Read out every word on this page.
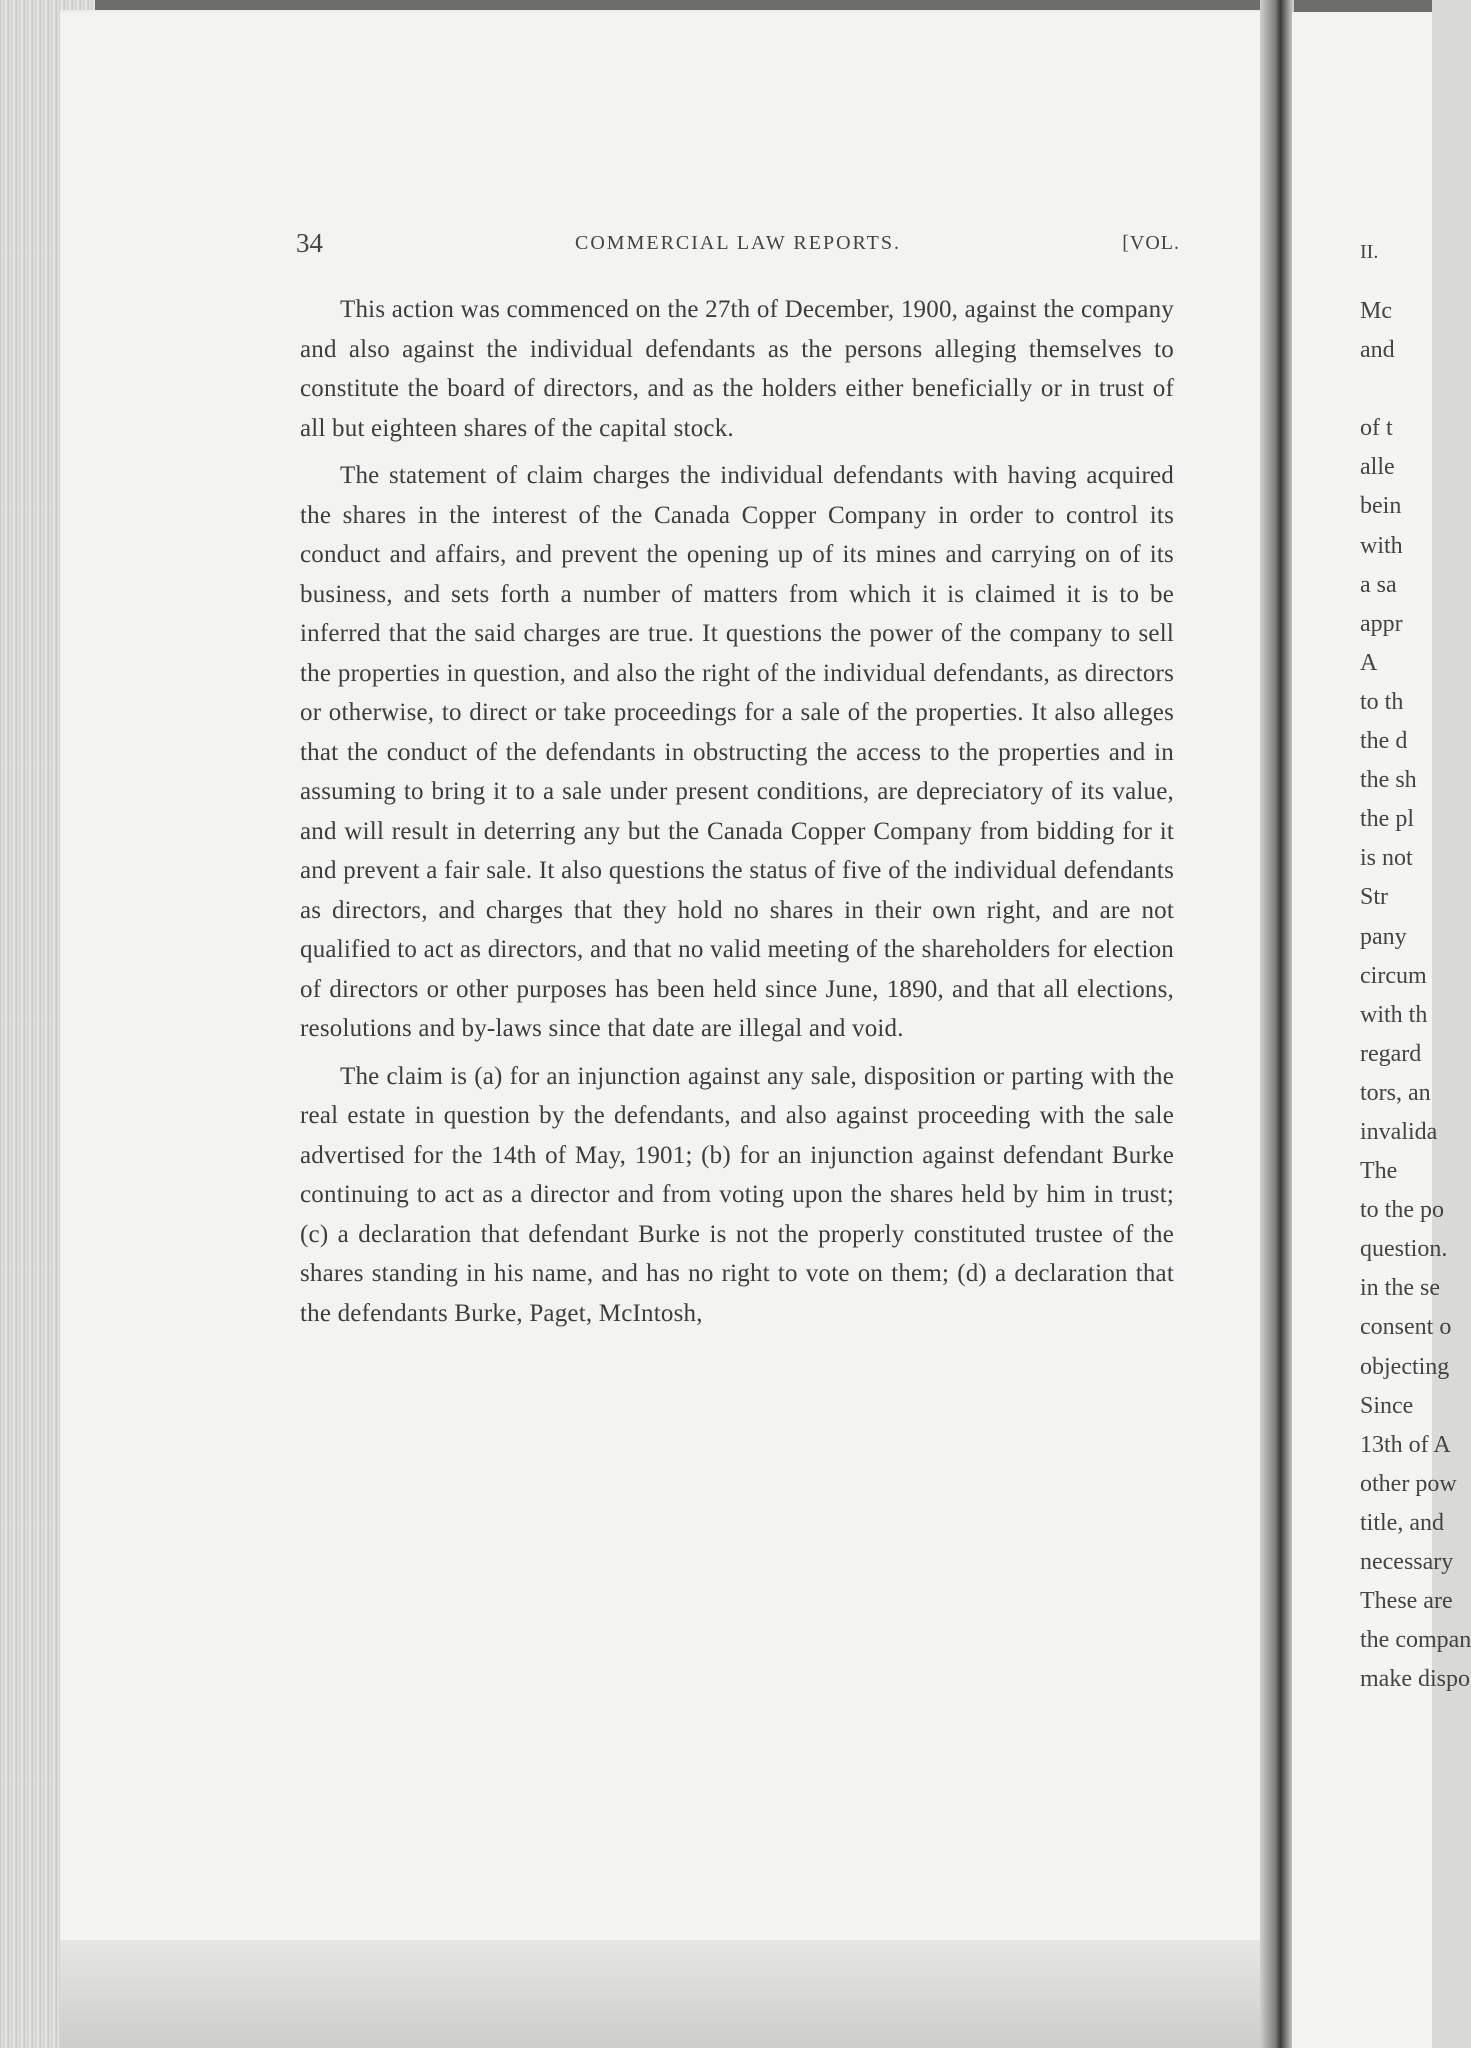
34	COMMERCIAL LAW REPORTS.	[VOL.

This action was commenced on the 27th of December, 1900, against the company and also against the individual defendants as the persons alleging themselves to constitute the board of directors, and as the holders either beneficially or in trust of all but eighteen shares of the capital stock.

The statement of claim charges the individual defendants with having acquired the shares in the interest of the Canada Copper Company in order to control its conduct and affairs, and prevent the opening up of its mines and carrying on of its business, and sets forth a number of matters from which it is claimed it is to be inferred that the said charges are true. It questions the power of the company to sell the properties in question, and also the right of the individual defendants, as directors or otherwise, to direct or take proceedings for a sale of the properties. It also alleges that the conduct of the defendants in obstructing the access to the properties and in assuming to bring it to a sale under present conditions, are depreciatory of its value, and will result in deterring any but the Canada Copper Company from bidding for it and prevent a fair sale. It also questions the status of five of the individual defendants as directors, and charges that they hold no shares in their own right, and are not qualified to act as directors, and that no valid meeting of the shareholders for election of directors or other purposes has been held since June, 1890, and that all elections, resolutions and by-laws since that date are illegal and void.

The claim is (a) for an injunction against any sale, disposition or parting with the real estate in question by the defendants, and also against proceeding with the sale advertised for the 14th of May, 1901; (b) for an injunction against defendant Burke continuing to act as a director and from voting upon the shares held by him in trust; (c) a declaration that defendant Burke is not the properly constituted trustee of the shares standing in his name, and has no right to vote on them; (d) a declaration that the defendants Burke, Paget, McIntosh,

II.
Mc
and
of t
alle
bein
with
a sa
appr
A
to th
the d
the sh
the pl
is not
Str
pany
circum
with th
regard
tors, an
invalida
The
to the po
question.
in the se
consent o
objecting
Since
13th of A
other pow
title, and
necessary
These are
the compan
make dispo
